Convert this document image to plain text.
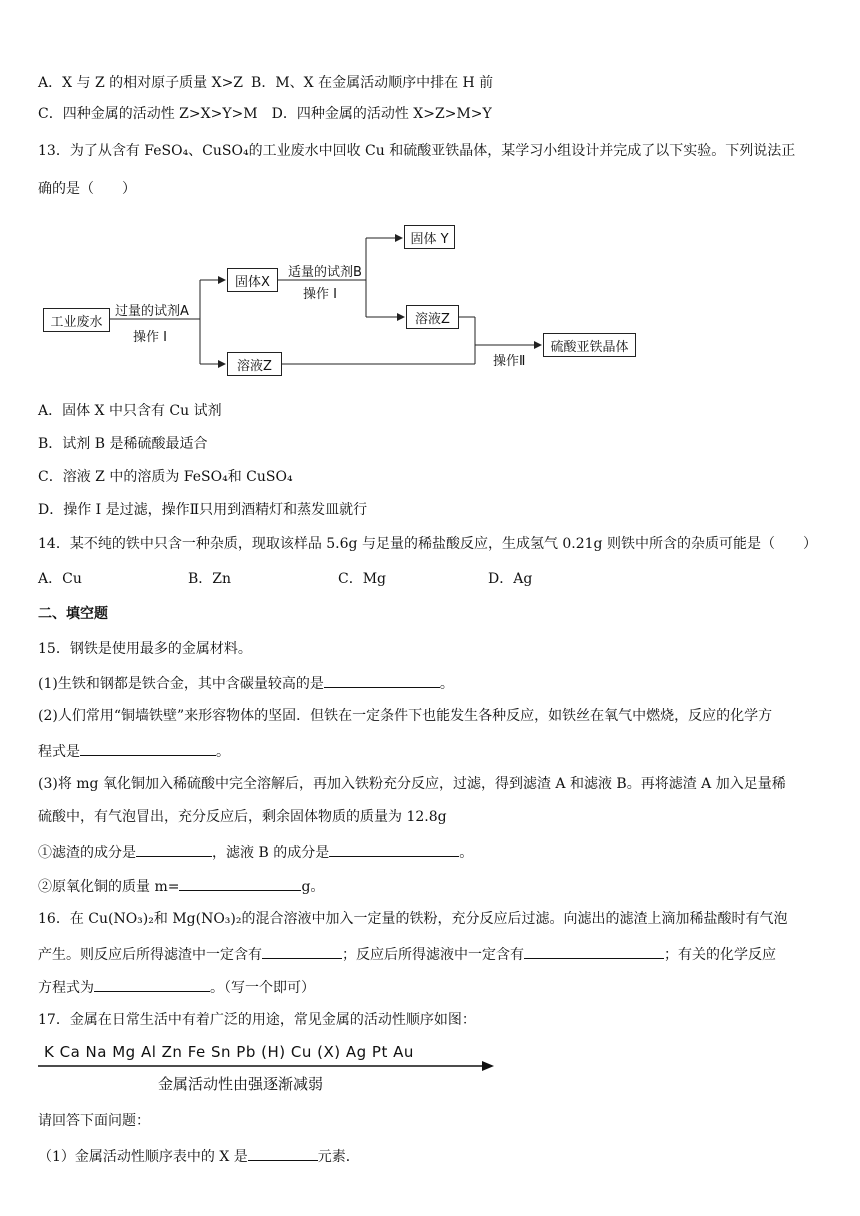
A．X 与 Z 的相对原子质量 X>Z B．M、X 在金属活动顺序中排在 H 前
C．四种金属的活动性 Z>X>Y>M D．四种金属的活动性 X>Z>M>Y
13．为了从含有 FeSO₄、CuSO₄的工业废水中回收 Cu 和硫酸亚铁晶体，某学习小组设计并完成了以下实验。下列说法正
确的是（　　）
工业废水
过量的试剂A
操作 I
固体X
适量的试剂B
操作 I
固体 Y
溶液Z
溶液Z	操作Ⅱ
硫酸亚铁晶体
A．固体 X 中只含有 Cu 试剂
B．试剂 B 是稀硫酸最适合
C．溶液 Z 中的溶质为 FeSO₄和 CuSO₄
D．操作 I 是过滤，操作Ⅱ只用到酒精灯和蒸发皿就行
14．某不纯的铁中只含一种杂质，现取该样品 5.6g 与足量的稀盐酸反应，生成氢气 0.21g 则铁中所含的杂质可能是（　　）
A．Cu	B．Zn	C．Mg	D．Ag
二、填空题
15．钢铁是使用最多的金属材料。
(1)生铁和钢都是铁合金，其中含碳量较高的是	。
(2)人们常用“铜墙铁壁”来形容物体的坚固．但铁在一定条件下也能发生各种反应，如铁丝在氧气中燃烧，反应的化学方
程式是	。
(3)将 mg 氧化铜加入稀硫酸中完全溶解后，再加入铁粉充分反应，过滤，得到滤渣 A 和滤液 B。再将滤渣 A 加入足量稀
硫酸中，有气泡冒出，充分反应后，剩余固体物质的质量为 12.8g
①滤渣的成分是	，滤液 B 的成分是	。
②原氧化铜的质量 m=	g。
16．在 Cu(NO₃)₂和 Mg(NO₃)₂的混合溶液中加入一定量的铁粉，充分反应后过滤。向滤出的滤渣上滴加稀盐酸时有气泡
产生。则反应后所得滤渣中一定含有	；反应后所得滤液中一定含有	；有关的化学反应
方程式为	。（写一个即可）
17．金属在日常生活中有着广泛的用途，常见金属的活动性顺序如图：
K Ca Na Mg Al Zn Fe Sn Pb (H) Cu (X) Ag Pt Au
金属活动性由强逐渐减弱
请回答下面问题：
（1）金属活动性顺序表中的 X 是	元素．
